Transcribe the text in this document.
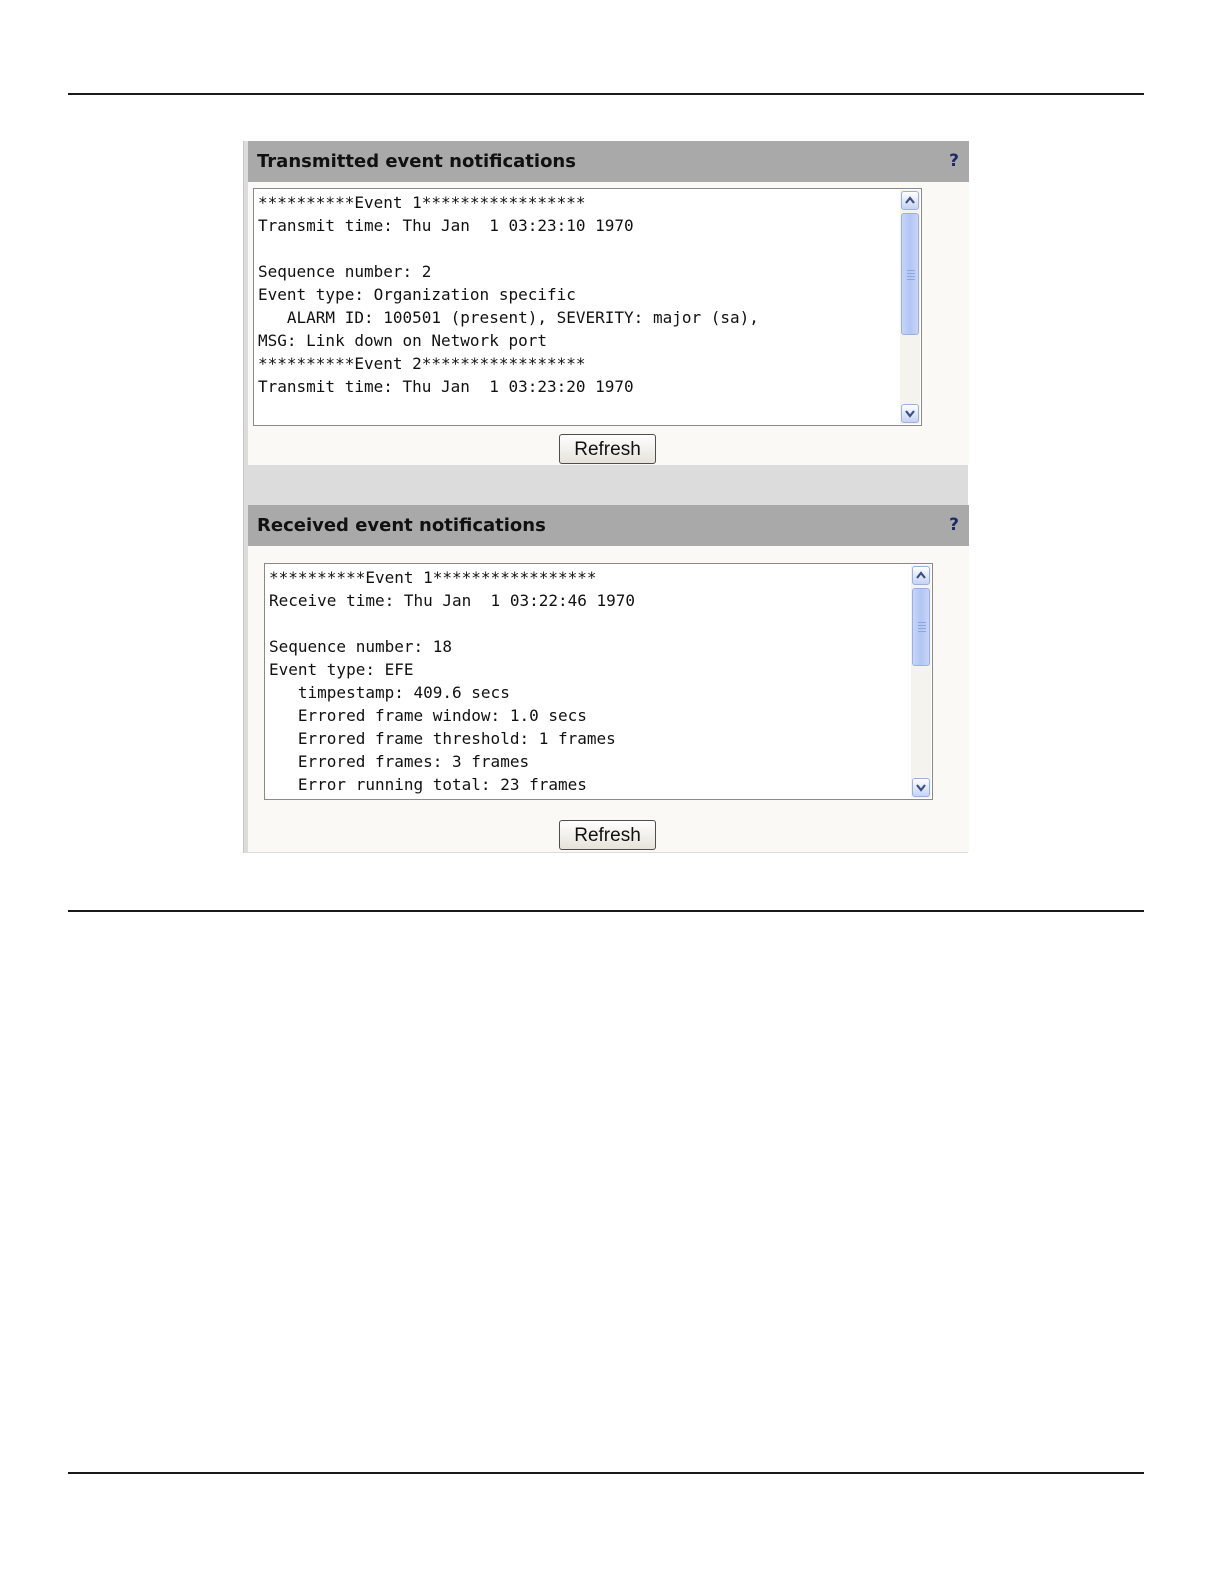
Transmitted event notifications	?
**********Event 1*****************
Transmit time: Thu Jan  1 03:23:10 1970

Sequence number: 2
Event type: Organization specific
ALARM ID: 100501 (present), SEVERITY: major (sa),
MSG: Link down on Network port
**********Event 2*****************
Transmit time: Thu Jan  1 03:23:20 1970
Refresh
Received event notifications	?
**********Event 1*****************
Receive time: Thu Jan  1 03:22:46 1970

Sequence number: 18
Event type: EFE
timpestamp: 409.6 secs
Errored frame window: 1.0 secs
Errored frame threshold: 1 frames
Errored frames: 3 frames
Error running total: 23 frames
Refresh
